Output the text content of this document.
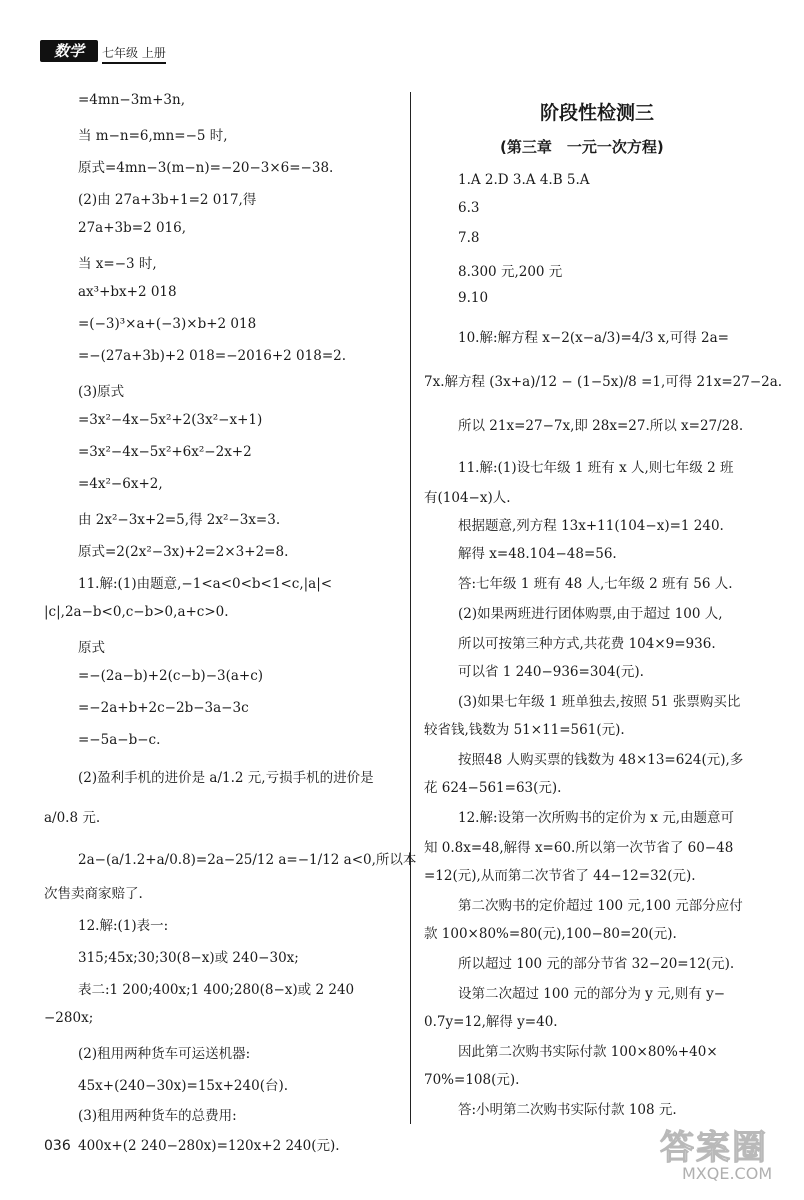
数学	七年级 上册
=4mn−3m+3n,
当 m−n=6,mn=−5 时,
原式=4mn−3(m−n)=−20−3×6=−38.
(2)由 27a+3b+1=2 017,得
27a+3b=2 016,
当 x=−3 时,
ax³+bx+2 018
=(−3)³×a+(−3)×b+2 018
=−(27a+3b)+2 018=−2016+2 018=2.
(3)原式
=3x²−4x−5x²+2(3x²−x+1)
=3x²−4x−5x²+6x²−2x+2
=4x²−6x+2,
由 2x²−3x+2=5,得 2x²−3x=3.
原式=2(2x²−3x)+2=2×3+2=8.
11.解:(1)由题意,−1<a<0<b<1<c,|a|<
|c|,2a−b<0,c−b>0,a+c>0.
原式
=−(2a−b)+2(c−b)−3(a+c)
=−2a+b+2c−2b−3a−3c
=−5a−b−c.
(2)盈利手机的进价是 a/1.2 元,亏损手机的进价是
a/0.8 元.
2a−(a/1.2+a/0.8)=2a−25/12 a=−1/12 a<0,所以本
次售卖商家赔了.
12.解:(1)表一:
315;45x;30;30(8−x)或 240−30x;
表二:1 200;400x;1 400;280(8−x)或 2 240
−280x;
(2)租用两种货车可运送机器:
45x+(240−30x)=15x+240(台).
(3)租用两种货车的总费用:
400x+(2 240−280x)=120x+2 240(元).
阶段性检测三
(第三章　一元一次方程)
1.A 2.D 3.A 4.B 5.A
6.3
7.8
8.300 元,200 元
9.10
10.解:解方程 x−2(x−a/3)=4/3 x,可得 2a=
7x.解方程 (3x+a)/12 − (1−5x)/8 =1,可得 21x=27−2a.
所以 21x=27−7x,即 28x=27.所以 x=27/28.
11.解:(1)设七年级 1 班有 x 人,则七年级 2 班
有(104−x)人.
根据题意,列方程 13x+11(104−x)=1 240.
解得 x=48.104−48=56.
答:七年级 1 班有 48 人,七年级 2 班有 56 人.
(2)如果两班进行团体购票,由于超过 100 人,
所以可按第三种方式,共花费 104×9=936.
可以省 1 240−936=304(元).
(3)如果七年级 1 班单独去,按照 51 张票购买比
较省钱,钱数为 51×11=561(元).
按照48 人购买票的钱数为 48×13=624(元),多
花 624−561=63(元).
12.解:设第一次所购书的定价为 x 元,由题意可
知 0.8x=48,解得 x=60.所以第一次节省了 60−48
=12(元),从而第二次节省了 44−12=32(元).
第二次购书的定价超过 100 元,100 元部分应付
款 100×80%=80(元),100−80=20(元).
所以超过 100 元的部分节省 32−20=12(元).
设第二次超过 100 元的部分为 y 元,则有 y−
0.7y=12,解得 y=40.
因此第二次购书实际付款 100×80%+40×
70%=108(元).
答:小明第二次购书实际付款 108 元.
036	答案圈
MXQE.COM
